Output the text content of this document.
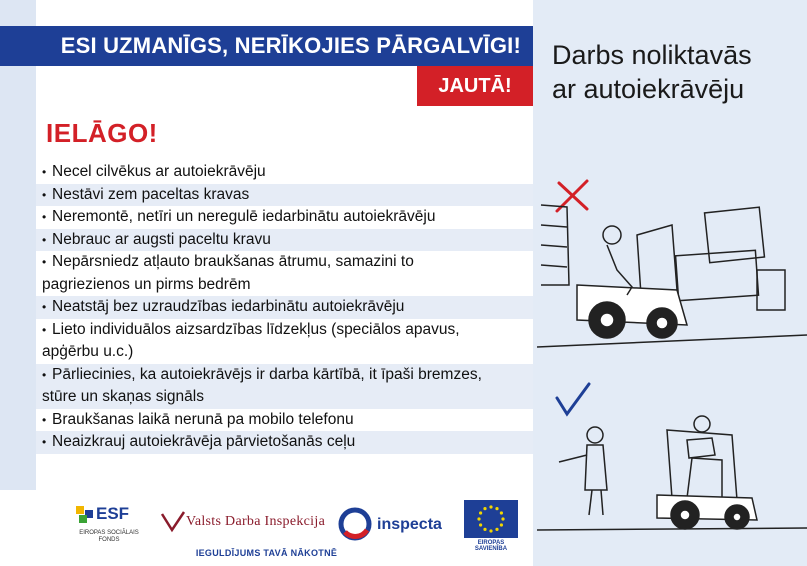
ESI UZMANĪGS, NERĪKOJIES PĀRGALVĪGI!
JAUTĀ!
Darbs noliktavās
ar autoiekrāvēju
IELĀGO!
• Necel cilvēkus ar autoiekrāvēju
• Nestāvi zem paceltas kravas
• Neremontē, netīri un neregulē iedarbinātu autoiekrāvēju
• Nebrauc ar augsti paceltu kravu
• Nepārsniedz atļauto braukšanas ātrumu, samazini to
pagriezienos un pirms bedrēm
• Neatstāj bez uzraudzības iedarbinātu autoiekrāvēju
• Lieto individuālos aizsardzības līdzekļus (speciālos apavus,
apģērbu u.c.)
• Pārliecinies, ka autoiekrāvējs ir darba kārtībā, it īpaši bremzes,
stūre un skaņas signāls
• Braukšanas laikā nerunā pa mobilo telefonu
• Neaizkrauj autoiekrāvēja pārvietošanās ceļu
ESF
EIROPAS SOCIĀLAIS FONDS
Valsts Darba Inspekcija	inspecta
EIROPAS SAVIENĪBA
IEGULDĪJUMS TAVĀ NĀKOTNĒ
